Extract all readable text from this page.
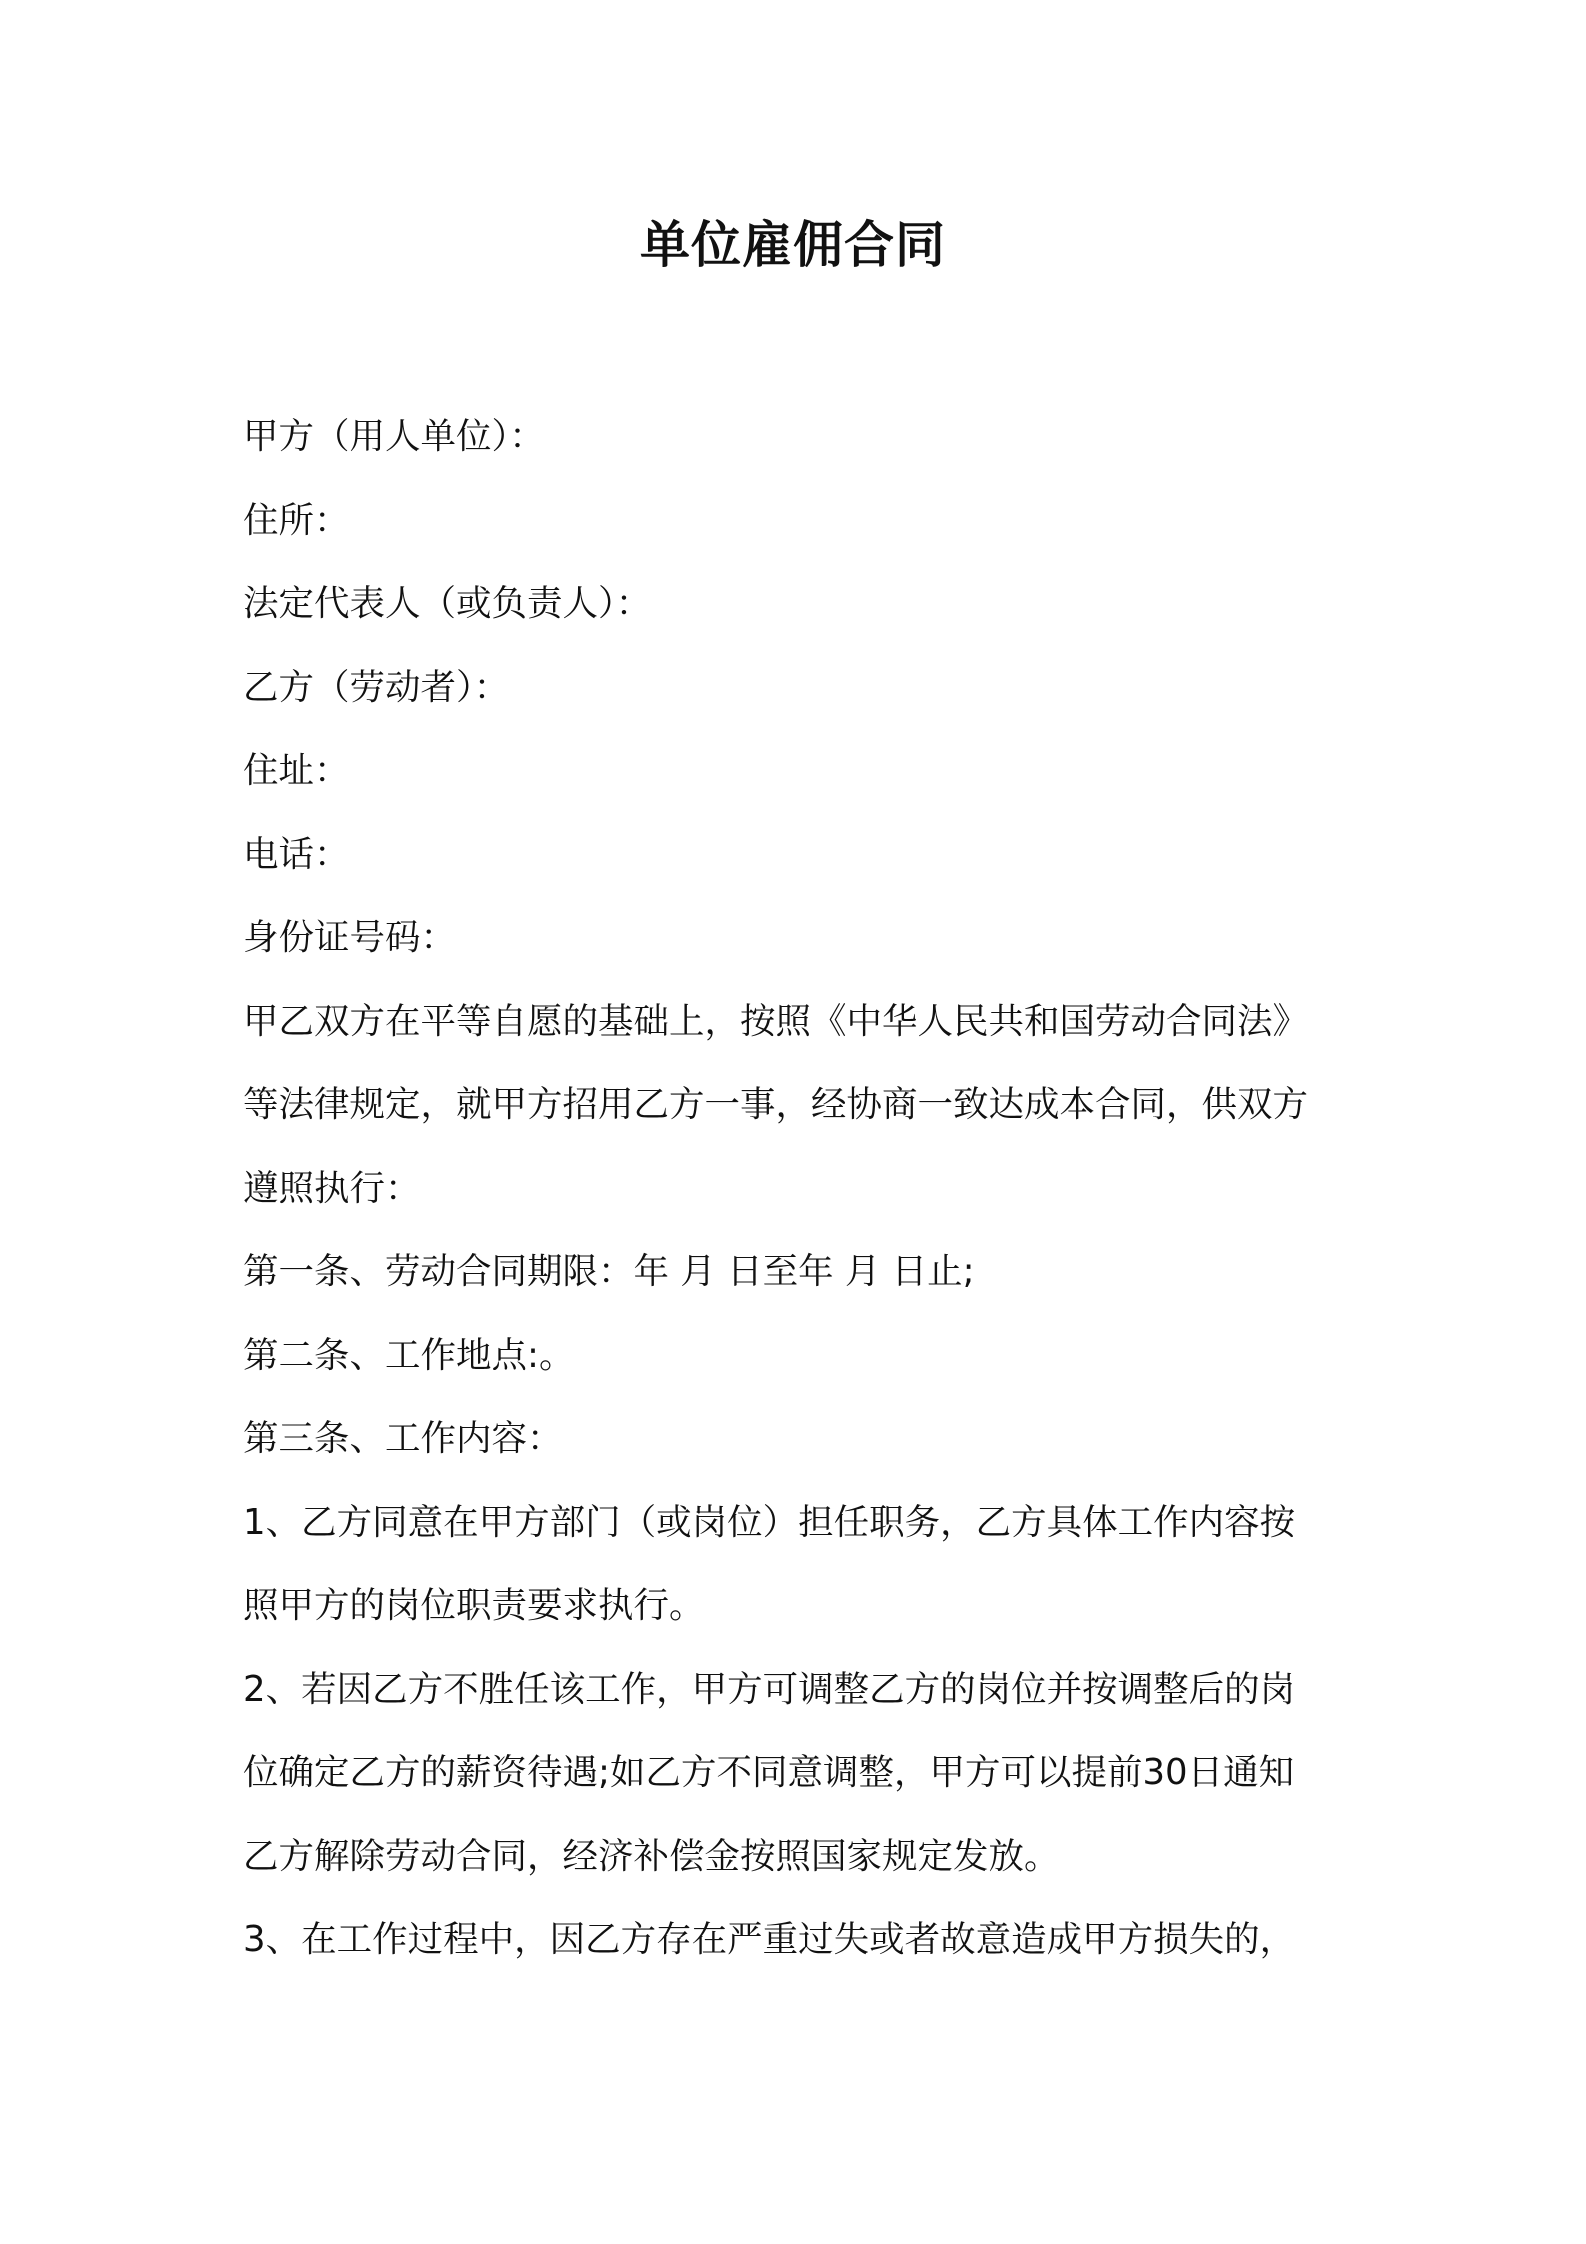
单位雇佣合同
甲方（用人单位）：
住所：
法定代表人（或负责人）：
乙方（劳动者）：
住址：
电话：
身份证号码：
甲乙双方在平等自愿的基础上，按照《中华人民共和国劳动合同法》
等法律规定，就甲方招用乙方一事，经协商一致达成本合同，供双方
遵照执行：
第一条、劳动合同期限：年 月 日至年 月 日止;
第二条、工作地点:。
第三条、工作内容：
1、乙方同意在甲方部门（或岗位）担任职务，乙方具体工作内容按
照甲方的岗位职责要求执行。
2、若因乙方不胜任该工作，甲方可调整乙方的岗位并按调整后的岗
位确定乙方的薪资待遇;如乙方不同意调整，甲方可以提前30日通知
乙方解除劳动合同，经济补偿金按照国家规定发放。
3、在工作过程中，因乙方存在严重过失或者故意造成甲方损失的，
